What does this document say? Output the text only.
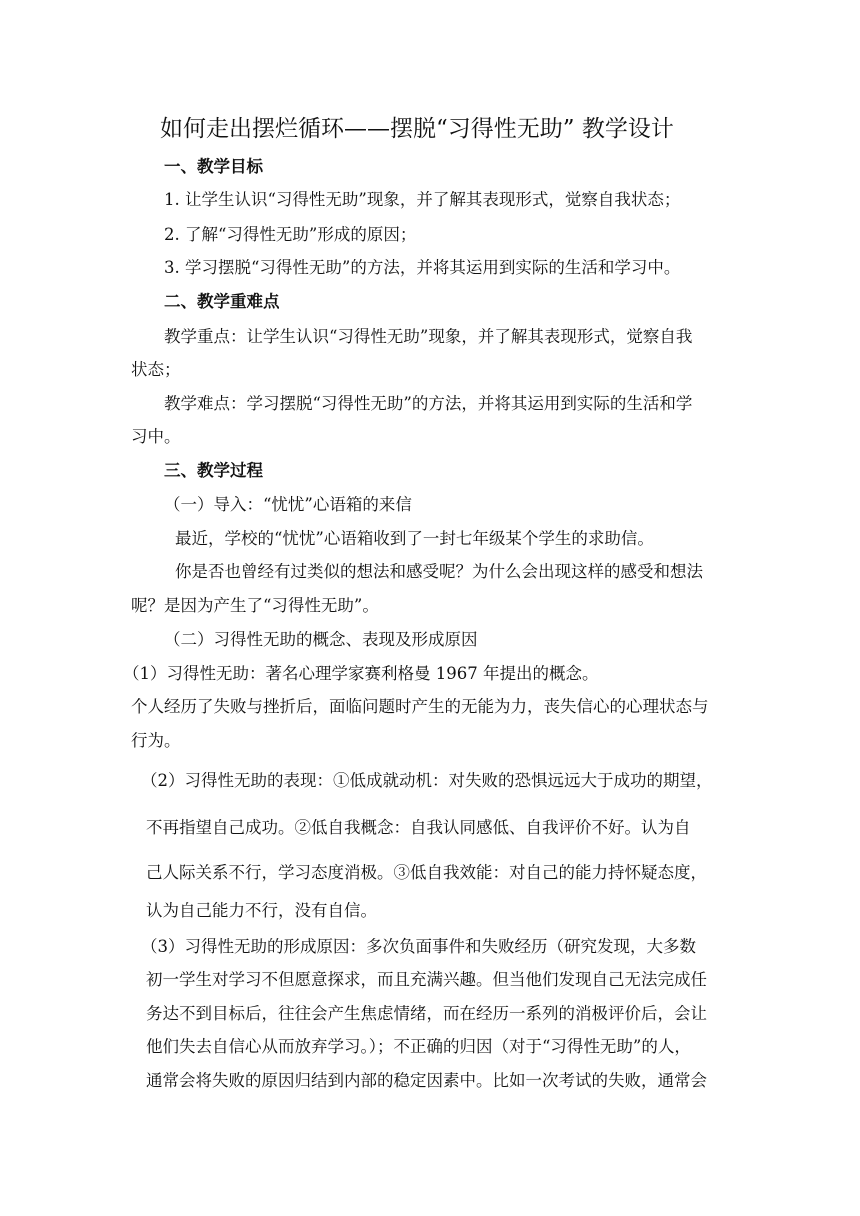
如何走出摆烂循环——摆脱“习得性无助” 教学设计
一、教学目标
1. 让学生认识“习得性无助”现象，并了解其表现形式，觉察自我状态；
2. 了解“习得性无助”形成的原因；
3. 学习摆脱“习得性无助”的方法，并将其运用到实际的生活和学习中。
二、教学重难点
教学重点：让学生认识“习得性无助”现象，并了解其表现形式，觉察自我
状态；
教学难点：学习摆脱“习得性无助”的方法，并将其运用到实际的生活和学
习中。
三、教学过程
（一）导入：“忧忧”心语箱的来信
最近，学校的“忧忧”心语箱收到了一封七年级某个学生的求助信。
你是否也曾经有过类似的想法和感受呢？为什么会出现这样的感受和想法
呢？是因为产生了“习得性无助”。
（二）习得性无助的概念、表现及形成原因
（1）习得性无助：著名心理学家赛利格曼 1967 年提出的概念。
个人经历了失败与挫折后，面临问题时产生的无能为力，丧失信心的心理状态与
行为。
（2）习得性无助的表现：①低成就动机：对失败的恐惧远远大于成功的期望，
不再指望自己成功。②低自我概念：自我认同感低、自我评价不好。认为自
己人际关系不行，学习态度消极。③低自我效能：对自己的能力持怀疑态度，
认为自己能力不行，没有自信。
（3）习得性无助的形成原因：多次负面事件和失败经历（研究发现，大多数
初一学生对学习不但愿意探求，而且充满兴趣。但当他们发现自己无法完成任
务达不到目标后，往往会产生焦虑情绪，而在经历一系列的消极评价后，会让
他们失去自信心从而放弃学习。）；不正确的归因（对于“习得性无助”的人，
通常会将失败的原因归结到内部的稳定因素中。比如一次考试的失败，通常会
